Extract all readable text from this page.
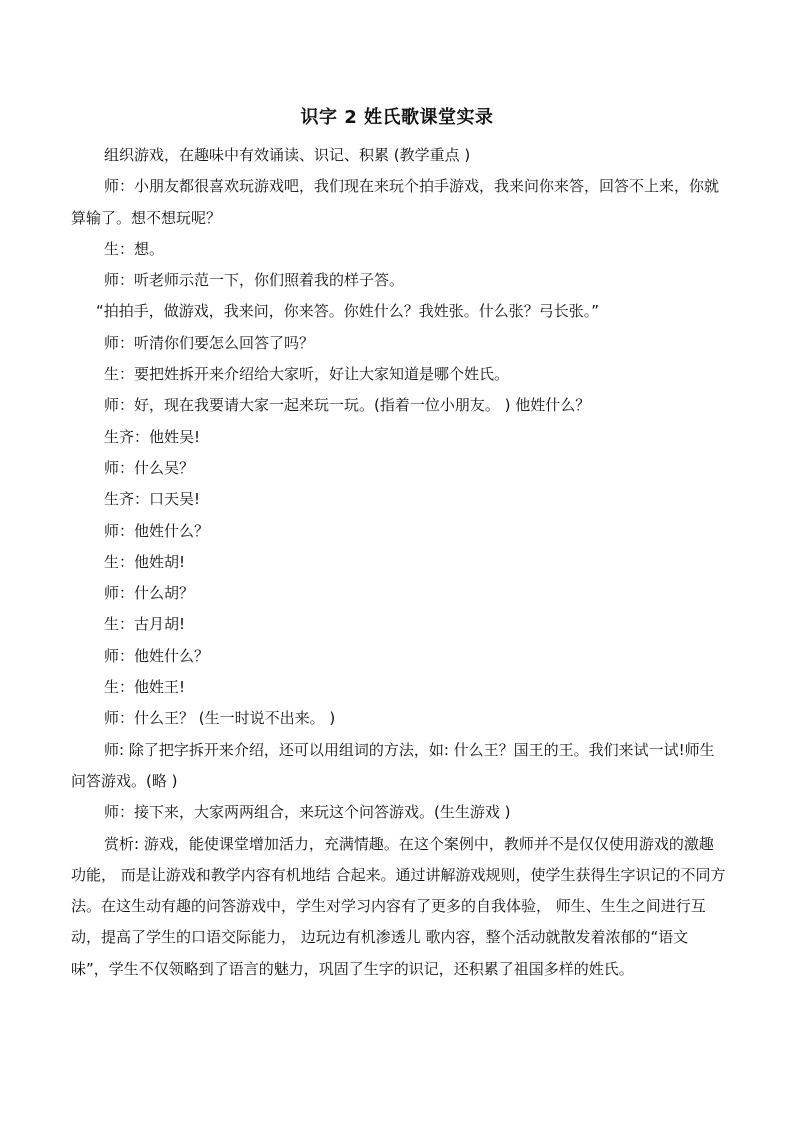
识字 2 姓氏歌课堂实录

组织游戏，在趣味中有效诵读、识记、积累 (教学重点 )

师：小朋友都很喜欢玩游戏吧，我们现在来玩个拍手游戏，我来问你来答，回答不上来，你就算输了。想不想玩呢？

生：想。

师：听老师示范一下，你们照着我的样子答。

“拍拍手，做游戏，我来问，你来答。你姓什么？我姓张。什么张？弓长张。”

师：听清你们要怎么回答了吗？

生：要把姓拆开来介绍给大家听，好让大家知道是哪个姓氏。

师：好，现在我要请大家一起来玩一玩。(指着一位小朋友。 ) 他姓什么？

生齐：他姓吴!

师：什么吴？

生齐：口天吴!

师：他姓什么？

生：他姓胡!

师：什么胡？

生：古月胡!

师：他姓什么？

生：他姓王!

师：什么王？ (生一时说不出来。 )

师: 除了把字拆开来介绍，还可以用组词的方法，如: 什么王？国王的王。我们来试一试!师生问答游戏。(略 )

师：接下来，大家两两组合，来玩这个问答游戏。(生生游戏 )

赏析: 游戏，能使课堂增加活力，充满情趣。在这个案例中，教师并不是仅仅使用游戏的激趣功能， 而是让游戏和教学内容有机地结 合起来。通过讲解游戏规则，使学生获得生字识记的不同方法。在这生动有趣的问答游戏中，学生对学习内容有了更多的自我体验， 师生、生生之间进行互动，提高了学生的口语交际能力， 边玩边有机渗透儿 歌内容，整个活动就散发着浓郁的“语文味”，学生不仅领略到了语言的魅力，巩固了生字的识记，还积累了祖国多样的姓氏。
